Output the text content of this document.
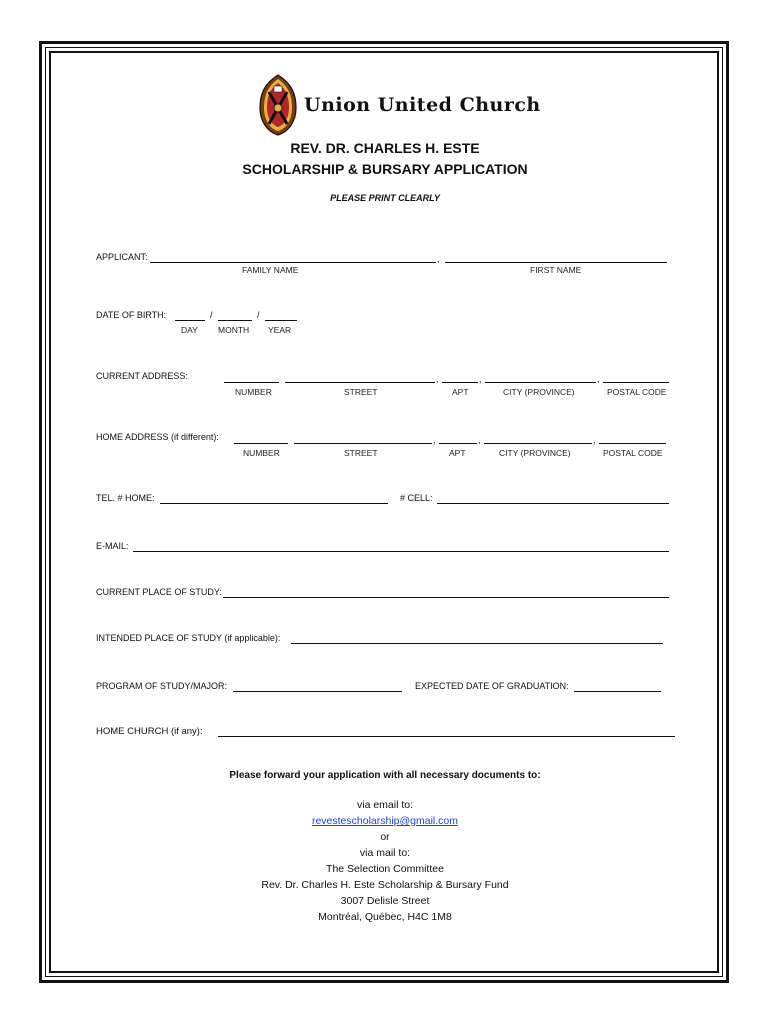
Union United Church
REV. DR. CHARLES H. ESTE
SCHOLARSHIP & BURSARY APPLICATION
PLEASE PRINT CLEARLY
APPLICANT:	,
FAMILY NAME	FIRST NAME
DATE OF BIRTH:	/	/
DAY MONTH YEAR
CURRENT ADDRESS:	,	,	,
NUMBER	STREET	APT	CITY (PROVINCE)	POSTAL CODE
HOME ADDRESS (if different):	,	,	,
NUMBER	STREET	APT	CITY (PROVINCE)	POSTAL CODE
TEL. # HOME:	# CELL:
E-MAIL:
CURRENT PLACE OF STUDY:
INTENDED PLACE OF STUDY (if applicable):
PROGRAM OF STUDY/MAJOR:	EXPECTED DATE OF GRADUATION:
HOME CHURCH (if any):
Please forward your application with all necessary documents to:
via email to:
revestescholarship@gmail.com
or
via mail to:
The Selection Committee
Rev. Dr. Charles H. Este Scholarship & Bursary Fund
3007 Delisle Street
Montréal, Québec, H4C 1M8
